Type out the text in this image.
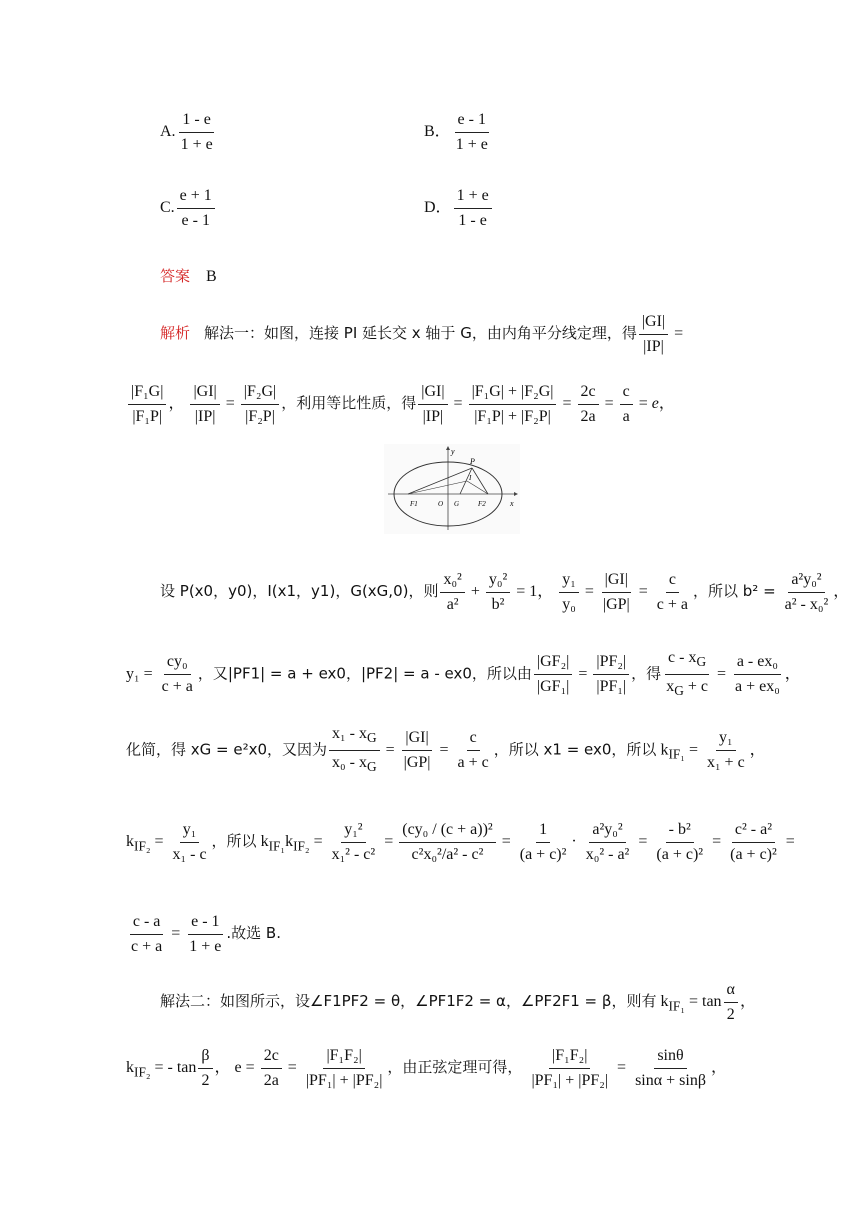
A. $\frac{1 - e}{1 + e}$	B． $\frac{e - 1}{1 + e}$
C. $\frac{e + 1}{e - 1}$	D． $\frac{1 + e}{1 - e}$
答案 B
解析 解法一：如图，连接 PI 延长交 x 轴于 G，由内角平分线定理，得 $\frac{|GI|}{|IP|}$ =
$\frac{\text{|F₁G|}}{\text{|F₁P|}}$ ， $\frac{|GI|}{|IP|} = \frac{\text{|F₂G|}}{\text{|F₂P|}}$ ，利用等比性质，得 $\frac{|GI|}{|IP|} = \frac{\text{|F₁G| + |F₂G|}}{\text{|F₁P| + |F₂P|}} = \frac{2c}{2a} = \frac{c}{a} = e$，
y
x
P
I
F1	O G	F2
设 P(x0，y0)，I(x1，y1)，G(xG,0)，则 $\frac{\text{x₀²}}{\text{a²}} + \frac{\text{y₀²}}{\text{b²}} = 1$， $\frac{\text{y₁}}{\text{y₀}} = \frac{|GI|}{|GP|} = \frac{c}{c + a}$ ，所以 $b^2 = \frac{\text{a²y₀²}}{\text{a² - x₀²}}$ ，
$y_1 = \frac{\text{cy₀}}{c + a}$ ，又|PF1| = a + ex0，|PF2| = a - ex0，所以由 $\frac{\text{|GF₂|}}{\text{|GF₁|}} = \frac{\text{|PF₂|}}{\text{|PF₁|}}$ ，得 $\frac{c - x_G}{x_G + c} = \frac{\text{a - ex₀}}{\text{a + ex₀}}$ ，
化简，得 xG = e²x0，又因为 $\frac{x_1 - x_G}{x_0 - x_G} = \frac{|GI|}{|GP|} = \frac{c}{a + c}$ ，所以 x1 = ex0，所以 $k_{IF_1} = \frac{\text{y₁}}{\text{x₁ + c}}$ ，
$k_{IF_2} = \frac{\text{y₁}}{\text{x₁ - c}}$ ，所以 $k_{IF_1}k_{IF_2} = \frac{\text{y₁²}}{\text{x₁² - c²}} = \frac{\text{(cy₀ / (c + a))²}}{\text{c²x₀²/a² - c²}} = \frac{1}{\text{(a + c)²}} \cdot \frac{\text{a²y₀²}}{\text{x₀² - a²}} = \frac{\text{- b²}}{\text{(a + c)²}} = \frac{\text{c² - a²}}{\text{(a + c)²}}$ =
$\frac{c - a}{c + a} = \frac{e - 1}{1 + e}$ .故选 B.
解法二：如图所示，设∠F1PF2 = θ，∠PF1F2 = α，∠PF2F1 = β，则有 $k_{IF_1} = \tan \frac{\alpha}{2}$ ，
$k_{IF_2}$ = - $\tan \frac{\beta}{2}$ ， $e = \frac{2c}{2a} = \frac{\text{|F₁F₂|}}{\text{|PF₁| + |PF₂|}}$ ，由正弦定理可得， $\frac{\text{|F₁F₂|}}{\text{|PF₁| + |PF₂|}} = \frac{\sin\theta}{\sin\alpha + \sin\beta}$ ，
